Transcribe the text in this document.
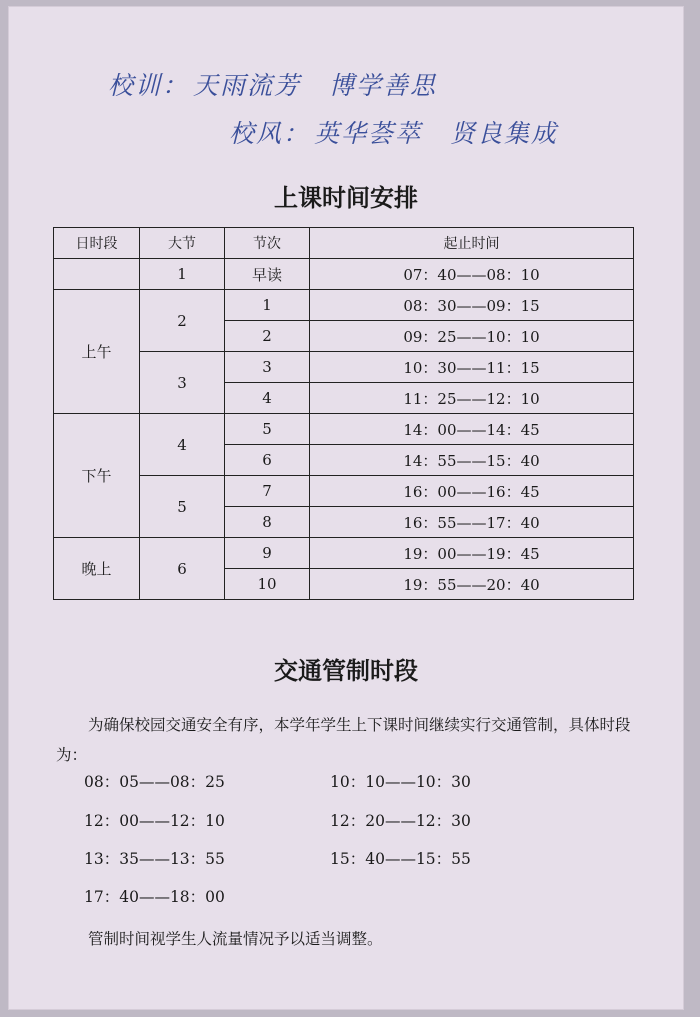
校训： 天雨流芳 博学善思
校风： 英华荟萃 贤良集成
上课时间安排
日时段	大节	节次	起止时间
	1	早读	07：40——08：10
上午	2	1	08：30——09：15
		2	09：25——10：10
	3	3	10：30——11：15
		4	11：25——12：10
下午	4	5	14：00——14：45
		6	14：55——15：40
	5	7	16：00——16：45
		8	16：55——17：40
晚上	6	9	19：00——19：45
		10	19：55——20：40
交通管制时段
为确保校园交通安全有序，本学年学生上下课时间继续实行交通管制，具体时段为：
08：05——08：25	10：10——10：30
12：00——12：10	12：20——12：30
13：35——13：55	15：40——15：55
17：40——18：00
管制时间视学生人流量情况予以适当调整。
